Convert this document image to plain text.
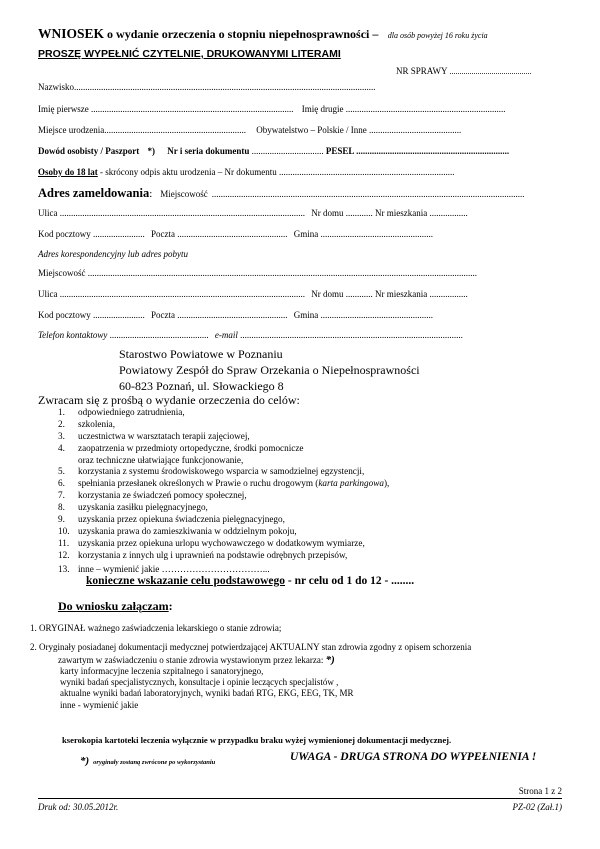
WNIOSEK o wydanie orzeczenia o stopniu niepełnosprawności – dla osób powyżej 16 roku życia
PROSZĘ WYPEŁNIĆ CZYTELNIE, DRUKOWANYMI LITERAMI
NR SPRAWY .........................................
Nazwisko......................................................................................................................................
Imię pierwsze .......................................................................................... Imię drugie .......................................................................
Miejsce urodzenia............................................................... Obywatelstwo – Polskie / Inne .........................................
Dowód osobisty / Paszport *) Nr i seria dokumentu ................................ PESEL ....................................................................
Osoby do 18 lat - skrócony odpis aktu urodzenia – Nr dokumentu ..............................................................................
Adres zameldowania: Miejscowość ...........................................................................................................................................
Ulica ............................................................................................................. Nr domu ............ Nr mieszkania .................
Kod pocztowy ....................... Poczta ................................................. Gmina ..................................................
Adres korespondencyjny lub adres pobytu
Miejscowość .............................................................................................................................................................................
Ulica ............................................................................................................. Nr domu ............ Nr mieszkania .................
Kod pocztowy ....................... Poczta ................................................. Gmina ..................................................
Telefon kontaktowy ............................................ e-mail ...................................................................................................
Starostwo Powiatowe w Poznaniu
Powiatowy Zespół do Spraw Orzekania o Niepełnosprawności
60-823 Poznań, ul. Słowackiego 8
Zwracam się z prośbą o wydanie orzeczenia do celów:
1. odpowiedniego zatrudnienia,
2. szkolenia,
3. uczestnictwa w warsztatach terapii zajęciowej,
4. zaopatrzenia w przedmioty ortopedyczne, środki pomocnicze
oraz techniczne ułatwiające funkcjonowanie,
5. korzystania z systemu środowiskowego wsparcia w samodzielnej egzystencji,
6. spełniania przesłanek określonych w Prawie o ruchu drogowym (karta parkingowa),
7. korzystania ze świadczeń pomocy społecznej,
8. uzyskania zasiłku pielęgnacyjnego,
9. uzyskania przez opiekuna świadczenia pielęgnacyjnego,
10. uzyskania prawa do zamieszkiwania w oddzielnym pokoju,
11. uzyskania przez opiekuna urlopu wychowawczego w dodatkowym wymiarze,
12. korzystania z innych ulg i uprawnień na podstawie odrębnych przepisów,
13. inne – wymienić jakie ……………………………...
konieczne wskazanie celu podstawowego - nr celu od 1 do 12 - ........
Do wniosku załączam:
1. ORYGINAŁ ważnego zaświadczenia lekarskiego o stanie zdrowia;
2. Oryginały posiadanej dokumentacji medycznej potwierdzającej AKTUALNY stan zdrowia zgodny z opisem schorzenia
zawartym w zaświadczeniu o stanie zdrowia wystawionym przez lekarza: *)
karty informacyjne leczenia szpitalnego i sanatoryjnego,
wyniki badań specjalistycznych, konsultacje i opinie leczących specjalistów ,
aktualne wyniki badań laboratoryjnych, wyniki badań RTG, EKG, EEG, TK, MR
inne - wymienić jakie
kserokopia kartoteki leczenia wyłącznie w przypadku braku wyżej wymienionej dokumentacji medycznej.
*) oryginały zostaną zwrócone po wykorzystaniu	UWAGA - DRUGA STRONA DO WYPEŁNIENIA !
Strona 1 z 2
Druk od: 30.05.2012r.	PZ-02 (Zał.1)
